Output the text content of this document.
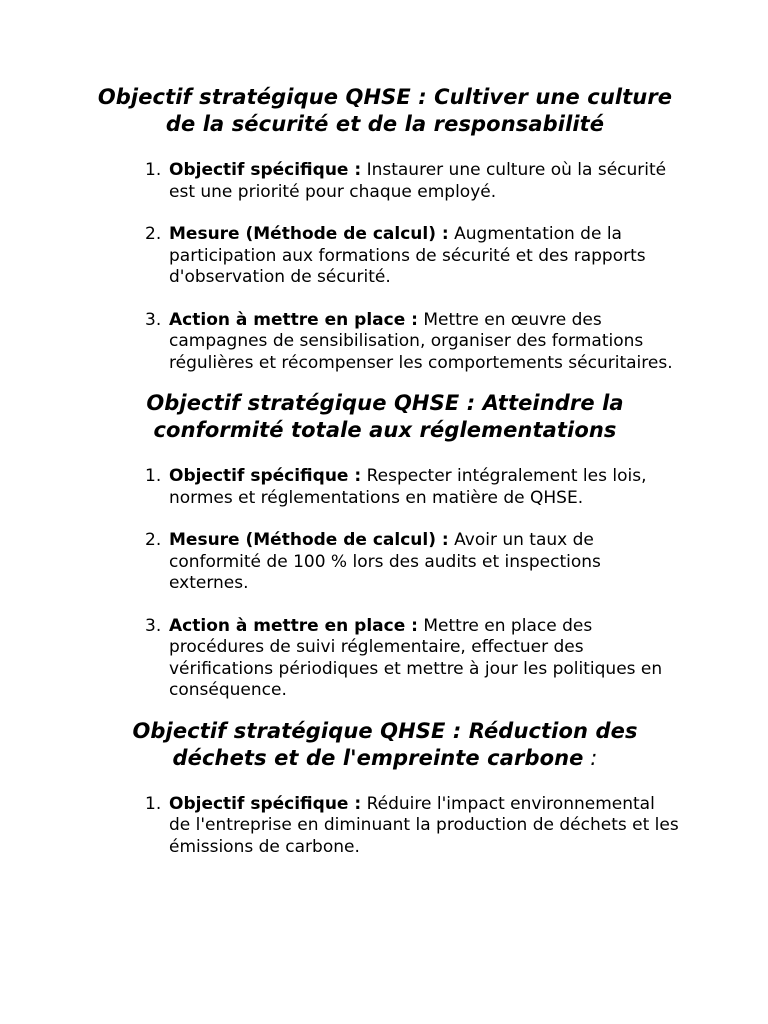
Objectif stratégique QHSE : Cultiver une culture de la sécurité et de la responsabilité
1. Objectif spécifique : Instaurer une culture où la sécurité est une priorité pour chaque employé.
2. Mesure (Méthode de calcul) : Augmentation de la participation aux formations de sécurité et des rapports d'observation de sécurité.
3. Action à mettre en place : Mettre en œuvre des campagnes de sensibilisation, organiser des formations régulières et récompenser les comportements sécuritaires.
Objectif stratégique QHSE : Atteindre la conformité totale aux réglementations
1. Objectif spécifique : Respecter intégralement les lois, normes et réglementations en matière de QHSE.
2. Mesure (Méthode de calcul) : Avoir un taux de conformité de 100 % lors des audits et inspections externes.
3. Action à mettre en place : Mettre en place des procédures de suivi réglementaire, effectuer des vérifications périodiques et mettre à jour les politiques en conséquence.
Objectif stratégique QHSE : Réduction des déchets et de l'empreinte carbone :
1. Objectif spécifique : Réduire l'impact environnemental de l'entreprise en diminuant la production de déchets et les émissions de carbone.
